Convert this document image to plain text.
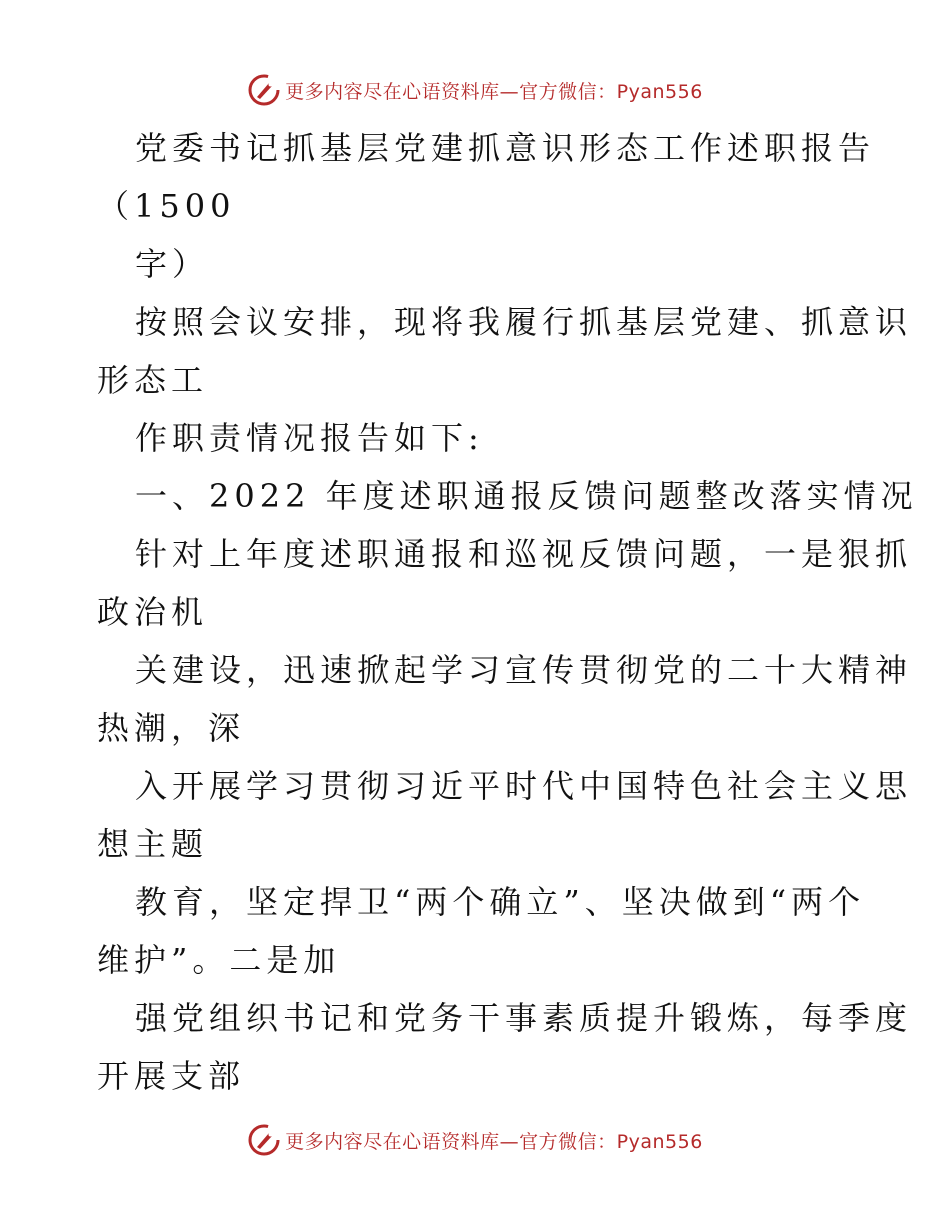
更多内容尽在心语资料库—官方微信：Pyan556
党委书记抓基层党建抓意识形态工作述职报告
（1500
字）
按照会议安排，现将我履行抓基层党建、抓意识
形态工
作职责情况报告如下:
一、2022 年度述职通报反馈问题整改落实情况
针对上年度述职通报和巡视反馈问题，一是狠抓
政治机
关建设，迅速掀起学习宣传贯彻党的二十大精神
热潮，深
入开展学习贯彻习近平时代中国特色社会主义思
想主题
教育，坚定捍卫“两个确立”、坚决做到“两个
维护”。二是加
强党组织书记和党务干事素质提升锻炼，每季度
开展支部
更多内容尽在心语资料库—官方微信：Pyan556
